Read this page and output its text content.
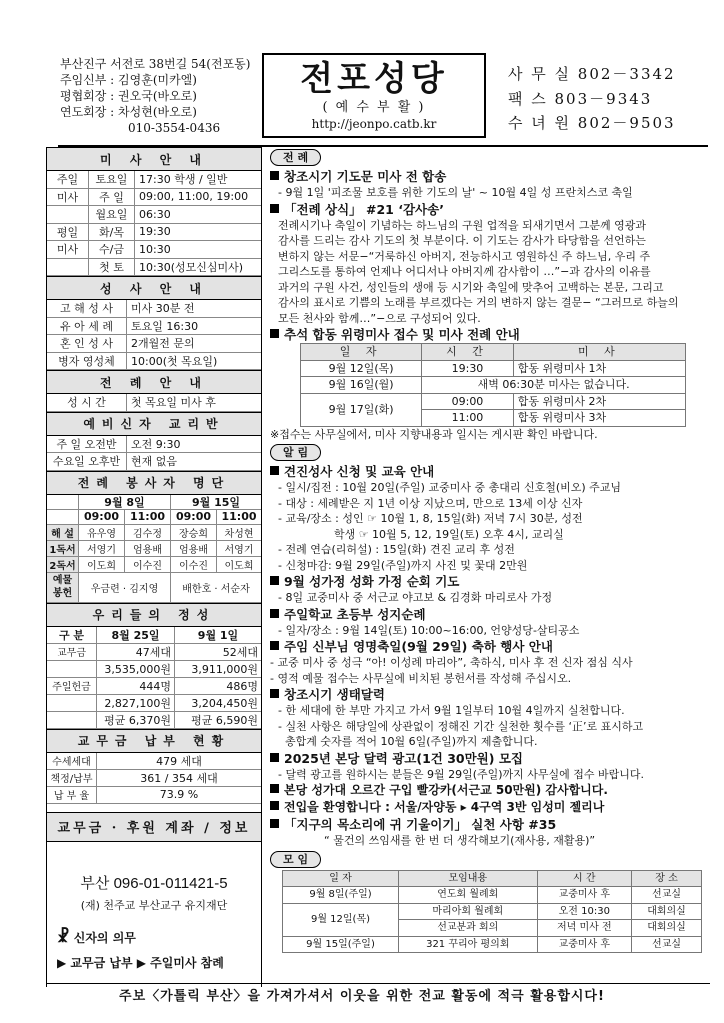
부산진구 서전로 38번길 54(전포동)
주임신부 : 김영훈(미카엘)
평협회장 : 권오국(바오로)
연도회장 : 차성현(바오로)
010-3554-0436
전포성당
( 예 수 부 활 )
http://jeonpo.catb.kr
사 무 실 802－3342
팩 스 803－9343
수 녀 원 802－9503
미 사 안 내
주일	토요일	17:30 학생 / 일반
미사	주 일	09:00, 11:00, 19:00
월요일	06:30
평일	화/목	19:30
미사	수/금	10:30
첫 토	10:30(성모신심미사)
성 사 안 내
고 해 성 사	미사 30분 전
유 아 세 례	토요일 16:30
혼 인 성 사	2개월전 문의
병자 영성체	10:00(첫 목요일)
전 례 안 내
성 시 간	첫 목요일 미사 후
예비신자 교리반
주 일 오전반	오전 9:30
수요일 오후반 현재 없음
전례 봉사자 명단
9월 8일	9월 15일
09:00 11:00 09:00 11:00
해 설	유우영	김수정	장승희	차성현
1독서	서영기	엄용배	엄용배	서영기
2독서	이도희	이수진	이수진	이도희
예물봉헌	우금련 · 김지영	배한호 · 서순자
우리들의 정성
구 분	8월 25일	9월 1일
교무금	47세대	52세대
3,535,000원	3,911,000원
주일헌금	444명	486명
2,827,100원	3,204,450원
평균 6,370원	평균 6,590원
교무금 납부 현황
수세세대	479 세대
책정/납부	361 / 354 세대
납 부 율	73.9 %
교무금 · 후원 계좌 / 정보
부산 096-01-011421-5
(재) 천주교 부산교구 유지재단
☧ 신자의 의무
▶ 교무금 납부 ▶ 주일미사 참례
전 례
창조시기 기도문 미사 전 합송
- 9월 1일 '피조물 보호를 위한 기도의 날' ~ 10월 4일 성 프란치스코 축일
「전례 상식」 #21 ‘감사송’
전례시기나 축일이 기념하는 하느님의 구원 업적을 되새기면서 그분께 영광과
감사를 드리는 감사 기도의 첫 부분이다. 이 기도는 감사가 타당함을 선언하는
변하지 않는 서문−“거룩하신 아버지, 전능하시고 영원하신 주 하느님, 우리 주
그리스도를 통하여 언제나 어디서나 아버지께 감사함이 …”−과 감사의 이유를
과거의 구원 사건, 성인들의 생애 등 시기와 축일에 맞추어 고백하는 본문, 그리고
감사의 표시로 기쁨의 노래를 부르겠다는 거의 변하지 않는 결문− “그러므로 하늘의
모든 천사와 함께…”−으로 구성되어 있다.
추석 합동 위령미사 접수 및 미사 전례 안내
일 자	시 간	미 사
9월 12일(목)	19:30	합동 위령미사 1차
9월 16일(월)	새벽 06:30분 미사는 없습니다.	
9월 17일(화)	09:00	합동 위령미사 2차
	11:00	합동 위령미사 3차
※접수는 사무실에서, 미사 지향내용과 일시는 게시판 확인 바랍니다.
알 림
견진성사 신청 및 교육 안내
- 일시/집전 : 10월 20일(주일) 교중미사 중 총대리 신호철(비오) 주교님
- 대상 : 세례받은 지 1년 이상 지났으며, 만으로 13세 이상 신자
- 교육/장소 : 성인 ☞ 10월 1, 8, 15일(화) 저녁 7시 30분, 성전
학생 ☞ 10월 5, 12, 19일(토) 오후 4시, 교리실
- 전례 연습(리허설) : 15일(화) 견진 교리 후 성전
- 신청마감: 9월 29일(주일)까지 사진 및 꽃대 2만원
9월 성가정 성화 가정 순회 기도
- 8일 교중미사 중 서근교 야고보 & 김경화 마리로사 가정
주일학교 초등부 성지순례
- 일자/장소 : 9월 14일(토) 10:00~16:00, 언양성당-살티공소
주임 신부님 영명축일(9월 29일) 축하 행사 안내
- 교중 미사 중 성극 “아! 이성례 마리아”, 축하식, 미사 후 전 신자 점심 식사
- 영적 예물 접수는 사무실에 비치된 봉헌서를 작성해 주십시오.
창조시기 생태달력
- 한 세대에 한 부만 가지고 가서 9월 1일부터 10월 4일까지 실천합니다.
- 실천 사항은 해당일에 상관없이 정해진 기간 실천한 횟수를 ‘正’로 표시하고
총합계 숫자를 적어 10월 6일(주일)까지 제출합니다.
2025년 본당 달력 광고(1건 30만원) 모집
- 달력 광고를 원하시는 분들은 9월 29일(주일)까지 사무실에 접수 바랍니다.
본당 성가대 오르간 구입 빨강카(서근교 50만원) 감사합니다.
전입을 환영합니다 : 서울/자양동 ▸ 4구역 3반 임성미 젤리나
「지구의 목소리에 귀 기울이기」 실천 사항 #35
“ 물건의 쓰임새를 한 번 더 생각해보기(재사용, 재활용)”
모 임
일 자	모임내용	시 간	장 소
9월 8일(주일)	연도회 월례회	교중미사 후	선교실
9월 12일(목)	마리아회 월례회	오전 10:30	대회의실
	선교분과 회의	저녁 미사 전	대회의실
9월 15일(주일)	321 꾸리아 평의회	교중미사 후	선교실
주보〈가톨릭 부산〉을 가져가셔서 이웃을 위한 전교 활동에 적극 활용합시다!
